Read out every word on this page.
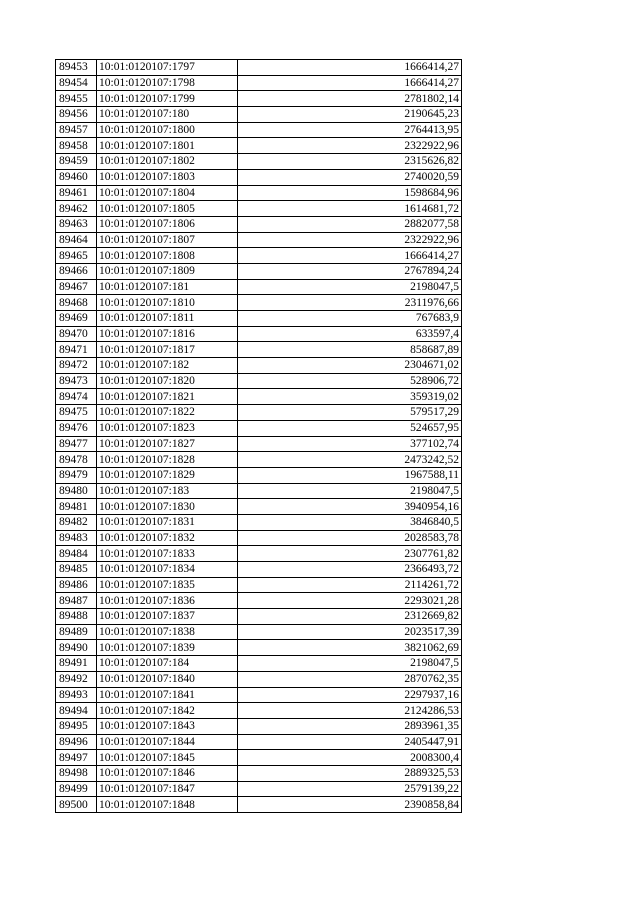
89453	10:01:0120107:1797	1666414,27
89454	10:01:0120107:1798	1666414,27
89455	10:01:0120107:1799	2781802,14
89456	10:01:0120107:180	2190645,23
89457	10:01:0120107:1800	2764413,95
89458	10:01:0120107:1801	2322922,96
89459	10:01:0120107:1802	2315626,82
89460	10:01:0120107:1803	2740020,59
89461	10:01:0120107:1804	1598684,96
89462	10:01:0120107:1805	1614681,72
89463	10:01:0120107:1806	2882077,58
89464	10:01:0120107:1807	2322922,96
89465	10:01:0120107:1808	1666414,27
89466	10:01:0120107:1809	2767894,24
89467	10:01:0120107:181	2198047,5
89468	10:01:0120107:1810	2311976,66
89469	10:01:0120107:1811	767683,9
89470	10:01:0120107:1816	633597,4
89471	10:01:0120107:1817	858687,89
89472	10:01:0120107:182	2304671,02
89473	10:01:0120107:1820	528906,72
89474	10:01:0120107:1821	359319,02
89475	10:01:0120107:1822	579517,29
89476	10:01:0120107:1823	524657,95
89477	10:01:0120107:1827	377102,74
89478	10:01:0120107:1828	2473242,52
89479	10:01:0120107:1829	1967588,11
89480	10:01:0120107:183	2198047,5
89481	10:01:0120107:1830	3940954,16
89482	10:01:0120107:1831	3846840,5
89483	10:01:0120107:1832	2028583,78
89484	10:01:0120107:1833	2307761,82
89485	10:01:0120107:1834	2366493,72
89486	10:01:0120107:1835	2114261,72
89487	10:01:0120107:1836	2293021,28
89488	10:01:0120107:1837	2312669,82
89489	10:01:0120107:1838	2023517,39
89490	10:01:0120107:1839	3821062,69
89491	10:01:0120107:184	2198047,5
89492	10:01:0120107:1840	2870762,35
89493	10:01:0120107:1841	2297937,16
89494	10:01:0120107:1842	2124286,53
89495	10:01:0120107:1843	2893961,35
89496	10:01:0120107:1844	2405447,91
89497	10:01:0120107:1845	2008300,4
89498	10:01:0120107:1846	2889325,53
89499	10:01:0120107:1847	2579139,22
89500	10:01:0120107:1848	2390858,84
